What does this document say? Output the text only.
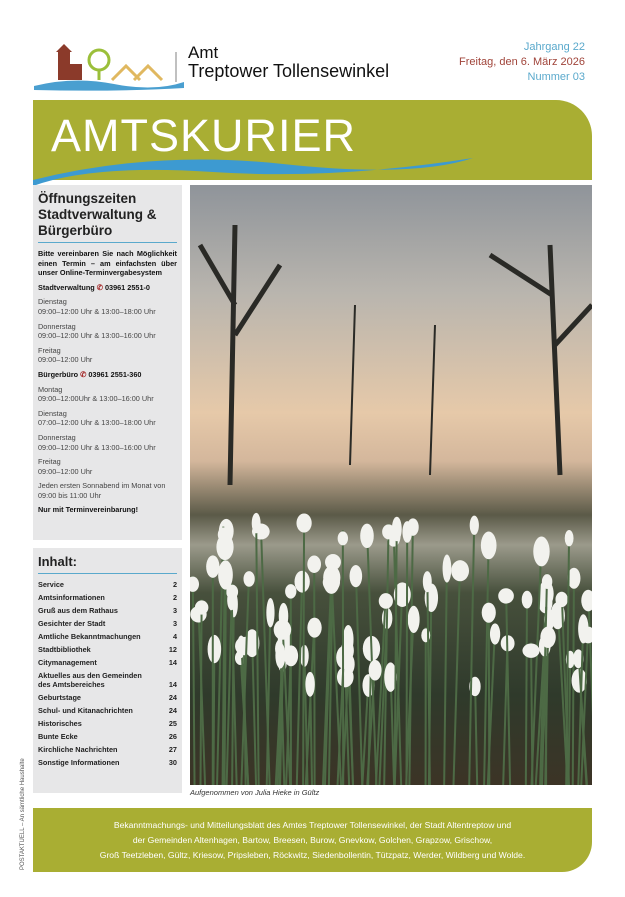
Amt
Treptower Tollensewinkel
Jahrgang 22
Freitag, den 6. März 2026
Nummer 03
AMTSKURIER
Öffnungszeiten Stadtverwaltung & Bürgerbüro
Bitte vereinbaren Sie nach Möglichkeit einen Termin – am einfachsten über unser Online-Terminvergabesystem
Stadtverwaltung ✆ 03961 2551-0
Dienstag
09:00–12:00 Uhr & 13:00–18:00 Uhr
Donnerstag
09:00–12:00 Uhr & 13:00–16:00 Uhr
Freitag
09:00–12:00 Uhr
Bürgerbüro ✆ 03961 2551-360
Montag
09:00–12:00Uhr & 13:00–16:00 Uhr
Dienstag
07:00–12:00 Uhr & 13:00–18:00 Uhr
Donnerstag
09:00–12:00 Uhr & 13:00–16:00 Uhr
Freitag
09:00–12:00 Uhr
Jeden ersten Sonnabend im Monat von 09:00 bis 11:00 Uhr
Nur mit Terminvereinbarung!
Inhalt:
Service	2
Amtsinformationen	2
Gruß aus dem Rathaus	3
Gesichter der Stadt	3
Amtliche Bekanntmachungen	4
Stadtbibliothek	12
Citymanagement	14
Aktuelles aus den Gemeinden des Amtsbereiches	14
Geburtstage	24
Schul- und Kitanachrichten	24
Historisches	25
Bunte Ecke	26
Kirchliche Nachrichten	27
Sonstige Informationen	30
Aufgenommen von Julia Hieke in Gültz
Bekanntmachungs- und Mitteilungsblatt des Amtes Treptower Tollensewinkel, der Stadt Altentreptow und
der Gemeinden Altenhagen, Bartow, Breesen, Burow, Gnevkow, Golchen, Grapzow, Grischow,
Groß Teetzleben, Gültz, Kriesow, Pripsleben, Röckwitz, Siedenbollentin, Tützpatz, Werder, Wildberg und Wolde.
POSTAKTUELL – An sämtliche Haushalte
